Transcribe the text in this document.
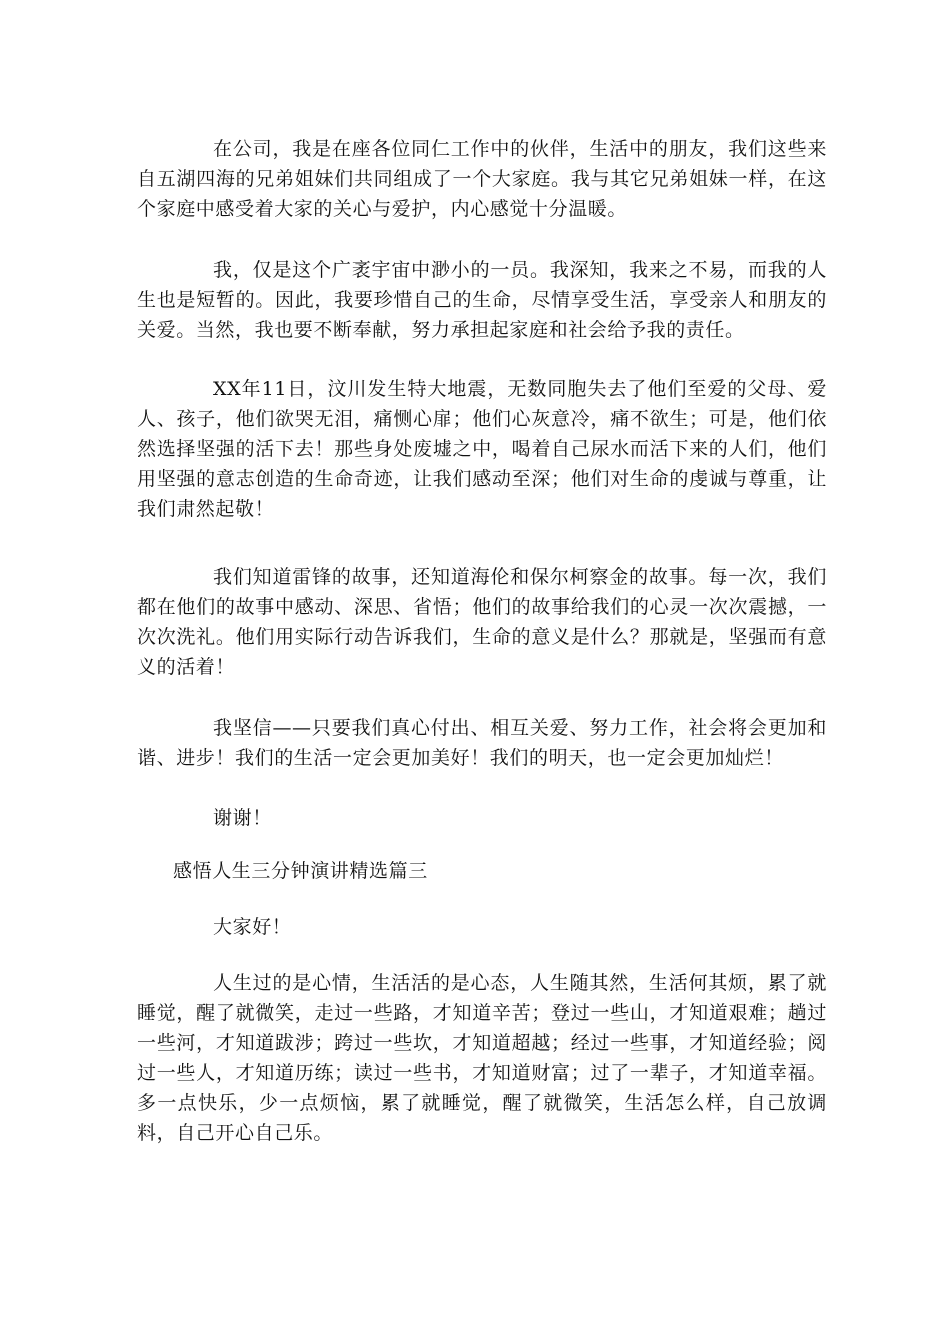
在公司，我是在座各位同仁工作中的伙伴，生活中的朋友，我们这些来自五湖四海的兄弟姐妹们共同组成了一个大家庭。我与其它兄弟姐妹一样，在这个家庭中感受着大家的关心与爱护，内心感觉十分温暖。

我，仅是这个广袤宇宙中渺小的一员。我深知，我来之不易，而我的人生也是短暂的。因此，我要珍惜自己的生命，尽情享受生活，享受亲人和朋友的关爱。当然，我也要不断奉献，努力承担起家庭和社会给予我的责任。

XX年11日，汶川发生特大地震，无数同胞失去了他们至爱的父母、爱人、孩子，他们欲哭无泪，痛恻心扉；他们心灰意冷，痛不欲生；可是，他们依然选择坚强的活下去！那些身处废墟之中，喝着自己尿水而活下来的人们，他们用坚强的意志创造的生命奇迹，让我们感动至深；他们对生命的虔诚与尊重，让我们肃然起敬！

我们知道雷锋的故事，还知道海伦和保尔柯察金的故事。每一次，我们都在他们的故事中感动、深思、省悟；他们的故事给我们的心灵一次次震撼，一次次洗礼。他们用实际行动告诉我们，生命的意义是什么？那就是，坚强而有意义的活着！

我坚信——只要我们真心付出、相互关爱、努力工作，社会将会更加和谐、进步！我们的生活一定会更加美好！我们的明天，也一定会更加灿烂！

谢谢！

感悟人生三分钟演讲精选篇三

大家好！

人生过的是心情，生活活的是心态，人生随其然，生活何其烦，累了就睡觉，醒了就微笑，走过一些路，才知道辛苦；登过一些山，才知道艰难；趟过一些河，才知道跋涉；跨过一些坎，才知道超越；经过一些事，才知道经验；阅过一些人，才知道历练；读过一些书，才知道财富；过了一辈子，才知道幸福。多一点快乐，少一点烦恼，累了就睡觉，醒了就微笑，生活怎么样，自己放调料，自己开心自己乐。
